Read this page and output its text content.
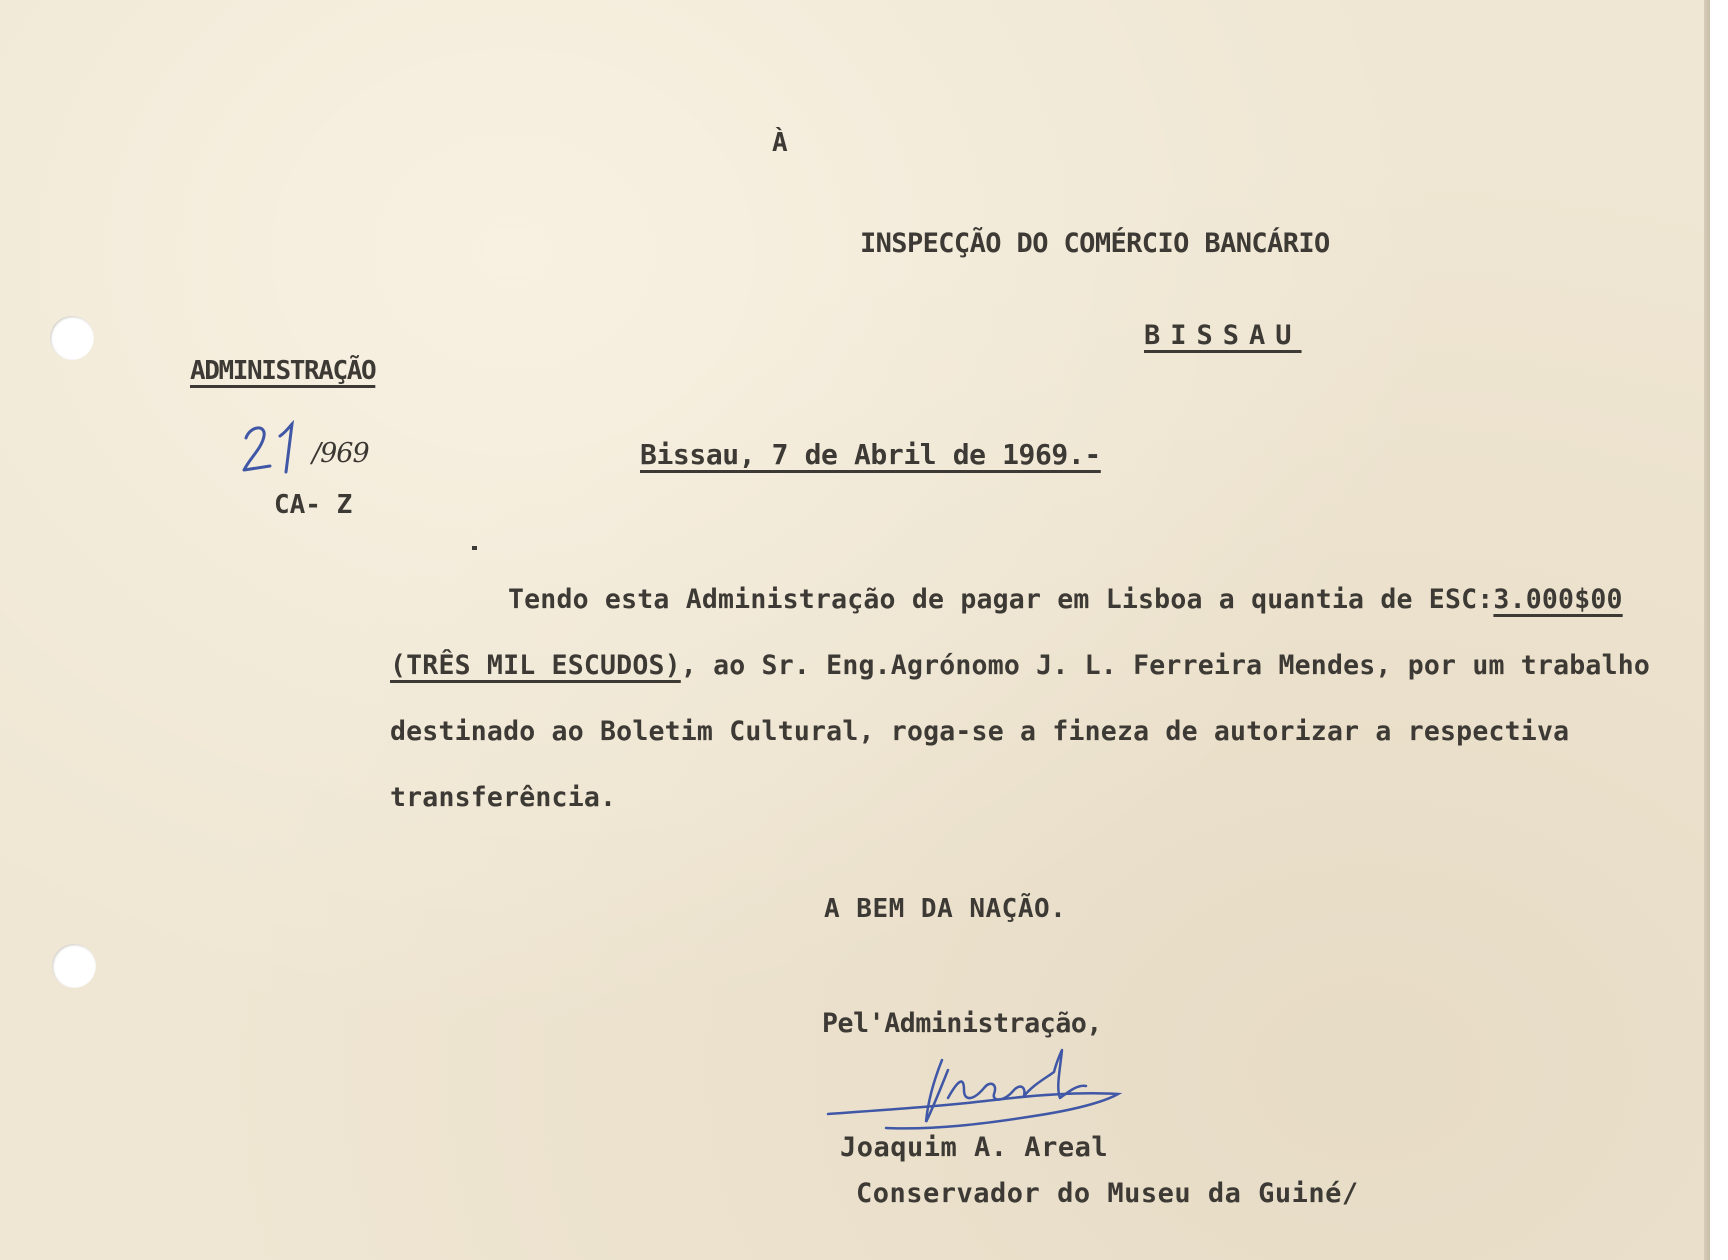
À
INSPECÇÃO DO COMÉRCIO BANCÁRIO
BISSAU
ADMINISTRAÇÃO
/969
CA- Z
Bissau, 7 de Abril de 1969.-
Tendo esta Administração de pagar em Lisboa a quantia de ESC:3.000$00
(TRÊS MIL ESCUDOS), ao Sr. Eng.Agrónomo J. L. Ferreira Mendes, por um trabalho
destinado ao Boletim Cultural, roga-se a fineza de autorizar a respectiva
transferência.
A BEM DA NAÇÃO.
Pel'Administração,
Joaquim A. Areal
Conservador do Museu da Guiné/
